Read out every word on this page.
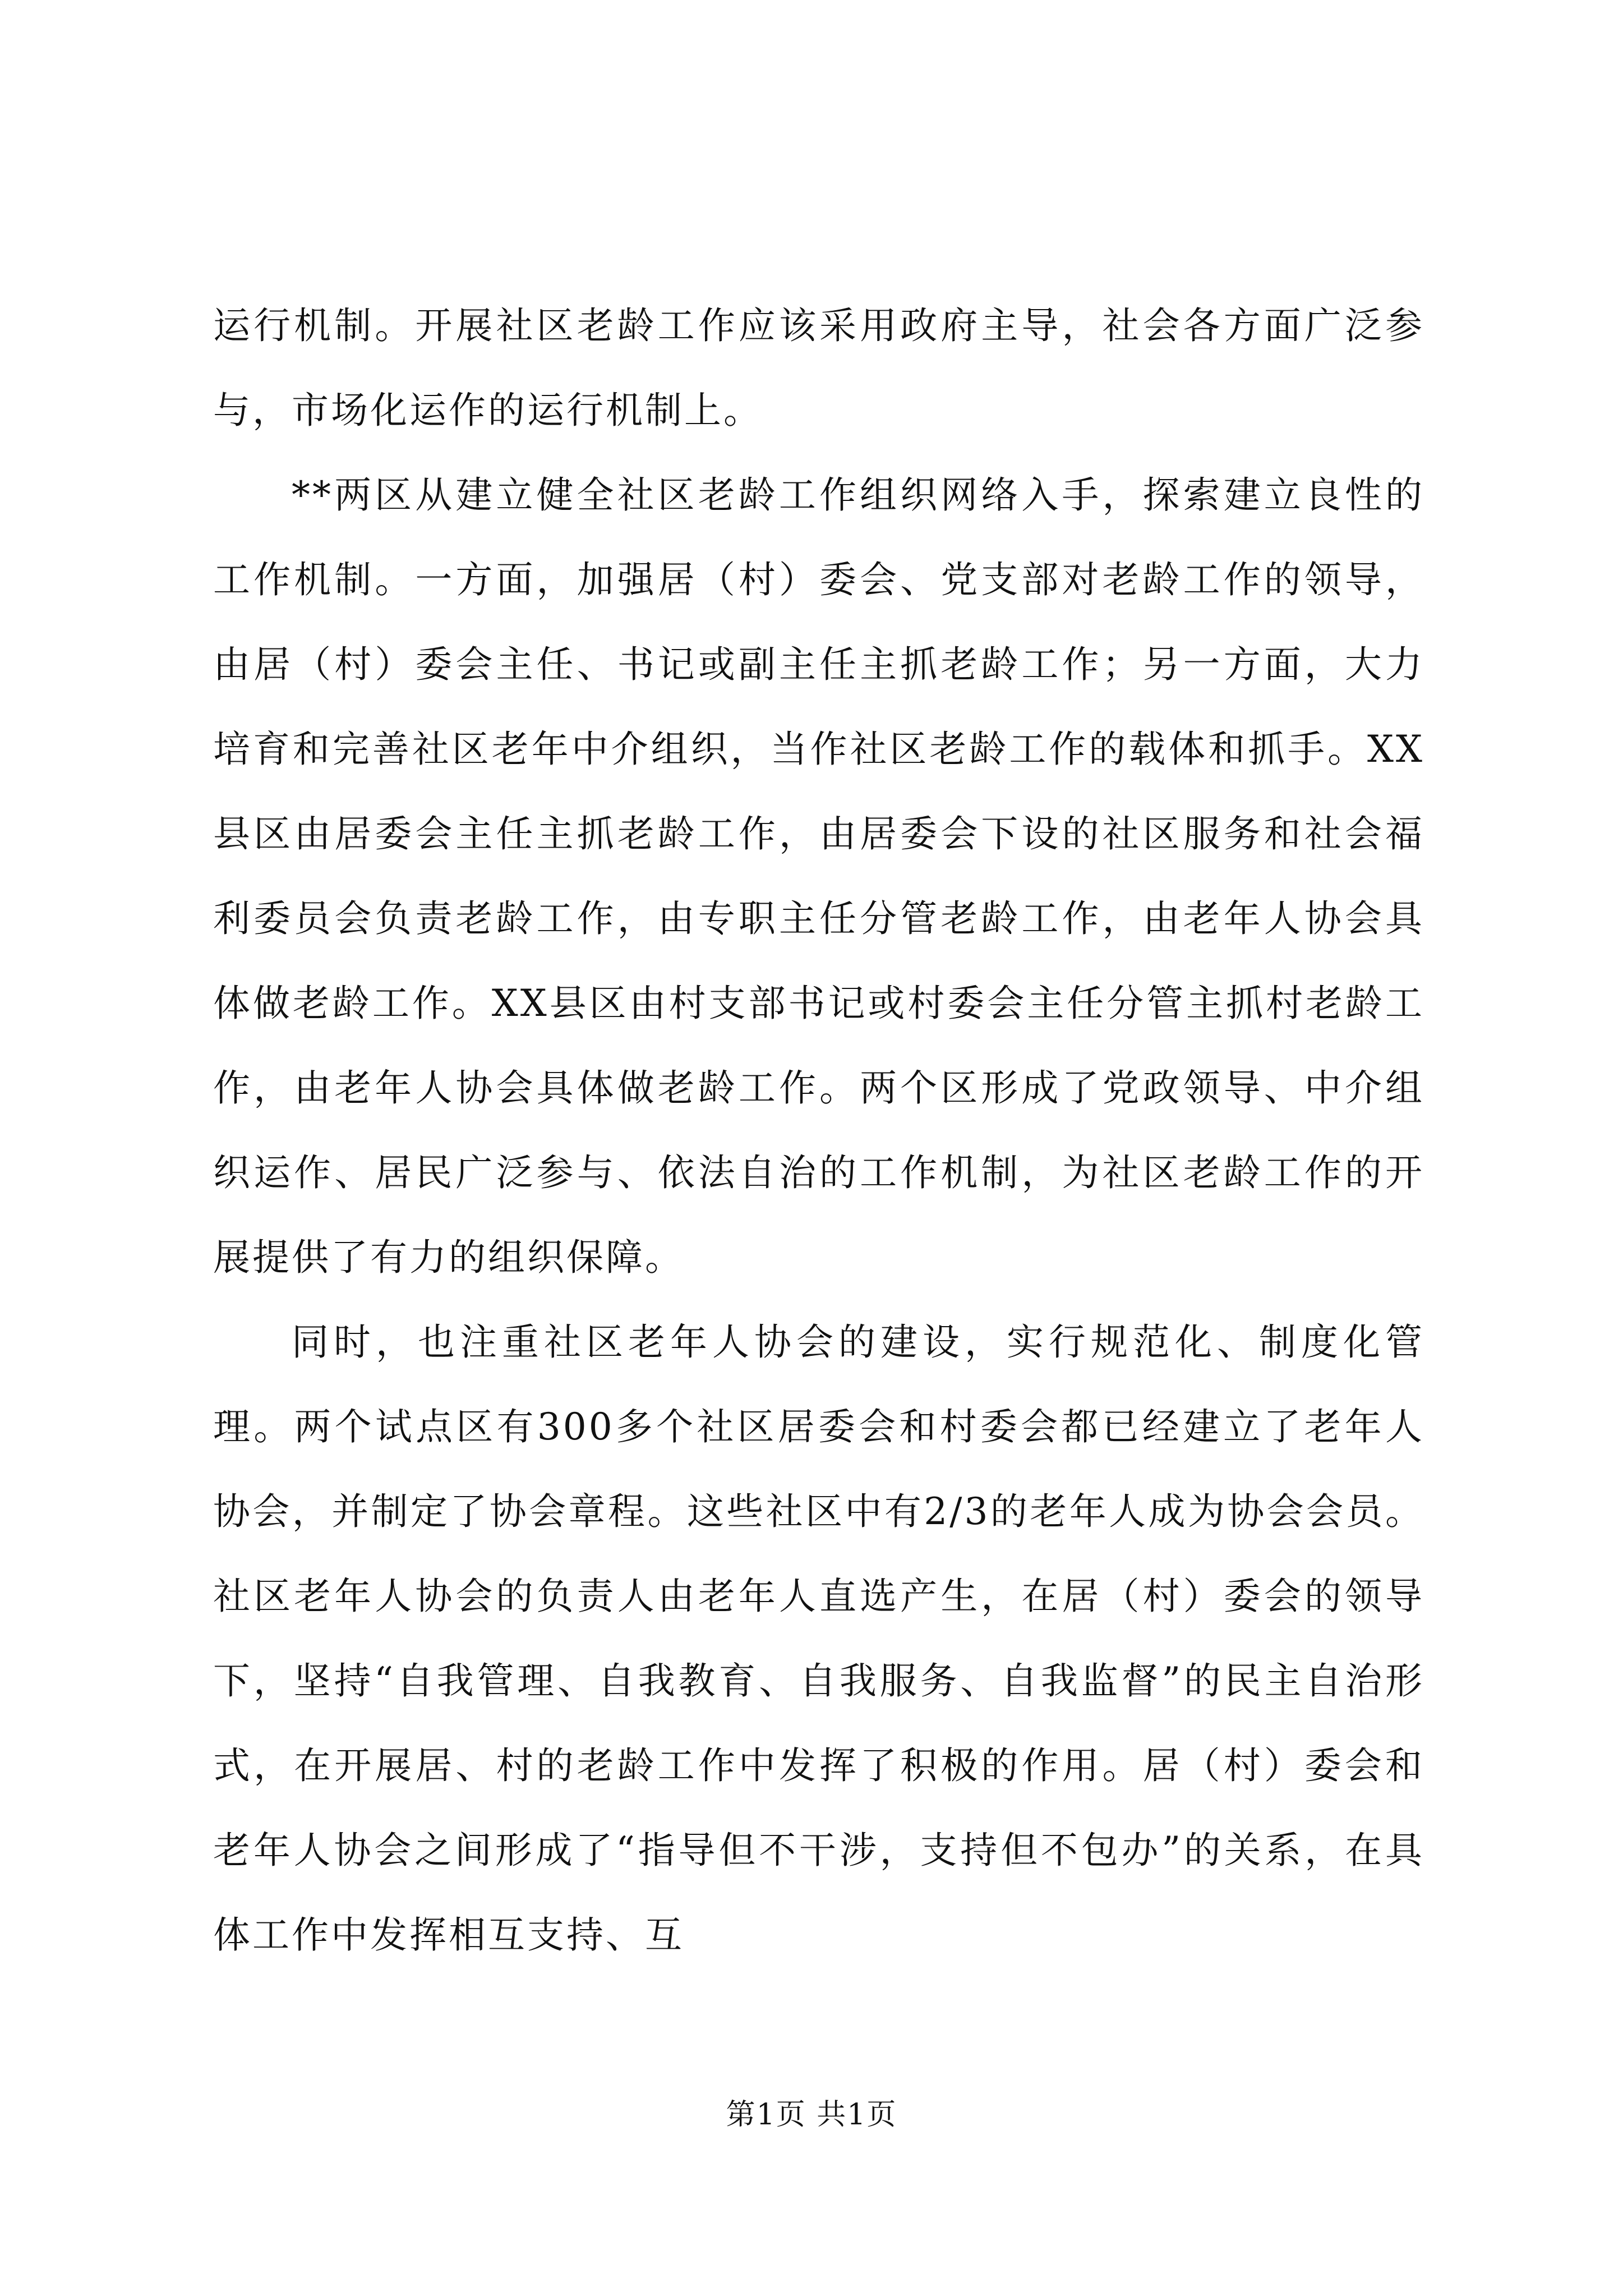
运行机制。开展社区老龄工作应该采用政府主导，社会各方面广泛参与，市场化运作的运行机制上。

**两区从建立健全社区老龄工作组织网络入手，探索建立良性的工作机制。一方面，加强居（村）委会、党支部对老龄工作的领导，由居（村）委会主任、书记或副主任主抓老龄工作；另一方面，大力培育和完善社区老年中介组织，当作社区老龄工作的载体和抓手。XX县区由居委会主任主抓老龄工作，由居委会下设的社区服务和社会福利委员会负责老龄工作，由专职主任分管老龄工作，由老年人协会具体做老龄工作。XX县区由村支部书记或村委会主任分管主抓村老龄工作，由老年人协会具体做老龄工作。两个区形成了党政领导、中介组织运作、居民广泛参与、依法自治的工作机制，为社区老龄工作的开展提供了有力的组织保障。

同时，也注重社区老年人协会的建设，实行规范化、制度化管理。两个试点区有300多个社区居委会和村委会都已经建立了老年人协会，并制定了协会章程。这些社区中有2/3的老年人成为协会会员。社区老年人协会的负责人由老年人直选产生，在居（村）委会的领导下，坚持“自我管理、自我教育、自我服务、自我监督”的民主自治形式，在开展居、村的老龄工作中发挥了积极的作用。居（村）委会和老年人协会之间形成了“指导但不干涉，支持但不包办”的关系，在具体工作中发挥相互支持、互

第1页 共1页
